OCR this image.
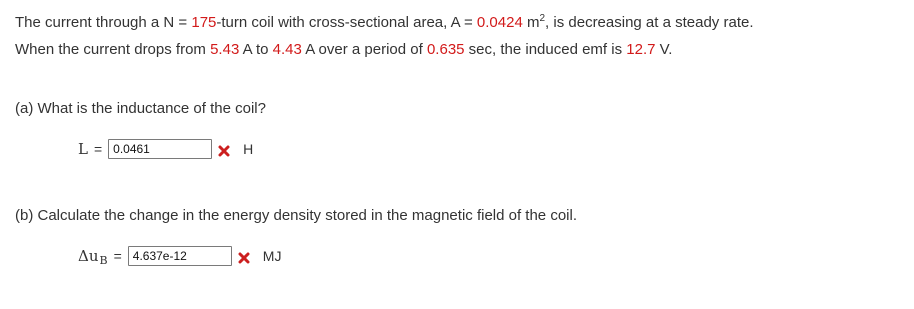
The current through a N = 175-turn coil with cross-sectional area, A = 0.0424 $m^2$, is decreasing at a steady rate.
When the current drops from 5.43 A to 4.43 A over a period of 0.635 sec, the induced emf is 12.7 V.
(a) What is the inductance of the coil?
L =
0.0461	H
(b) Calculate the change in the energy density stored in the magnetic field of the coil.
$\Delta u_B$ =
4.637e-12	MJ
